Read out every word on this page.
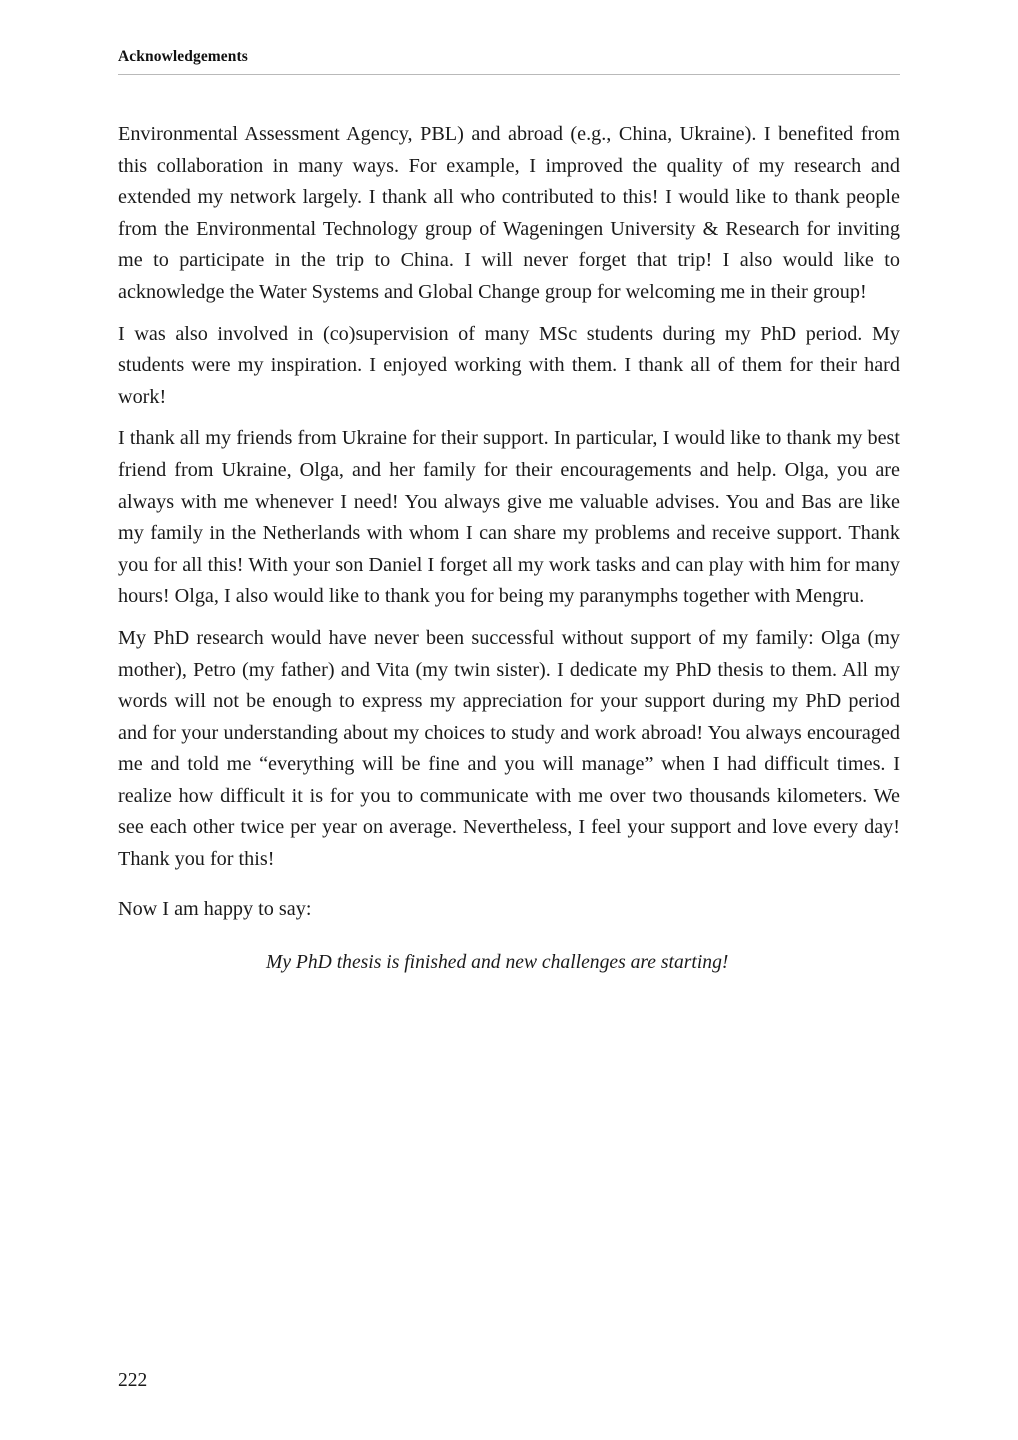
Acknowledgements

Environmental Assessment Agency, PBL) and abroad (e.g., China, Ukraine). I benefited from this collaboration in many ways. For example, I improved the quality of my research and extended my network largely. I thank all who contributed to this! I would like to thank people from the Environmental Technology group of Wageningen University & Research for inviting me to participate in the trip to China. I will never forget that trip! I also would like to acknowledge the Water Systems and Global Change group for welcoming me in their group!

I was also involved in (co)supervision of many MSc students during my PhD period. My students were my inspiration. I enjoyed working with them. I thank all of them for their hard work!

I thank all my friends from Ukraine for their support. In particular, I would like to thank my best friend from Ukraine, Olga, and her family for their encouragements and help. Olga, you are always with me whenever I need! You always give me valuable advises. You and Bas are like my family in the Netherlands with whom I can share my problems and receive support. Thank you for all this! With your son Daniel I forget all my work tasks and can play with him for many hours! Olga, I also would like to thank you for being my paranymphs together with Mengru.

My PhD research would have never been successful without support of my family: Olga (my mother), Petro (my father) and Vita (my twin sister). I dedicate my PhD thesis to them. All my words will not be enough to express my appreciation for your support during my PhD period and for your understanding about my choices to study and work abroad! You always encouraged me and told me “everything will be fine and you will manage” when I had difficult times. I realize how difficult it is for you to communicate with me over two thousands kilometers. We see each other twice per year on average. Nevertheless, I feel your support and love every day! Thank you for this!

Now I am happy to say:

My PhD thesis is finished and new challenges are starting!

222
